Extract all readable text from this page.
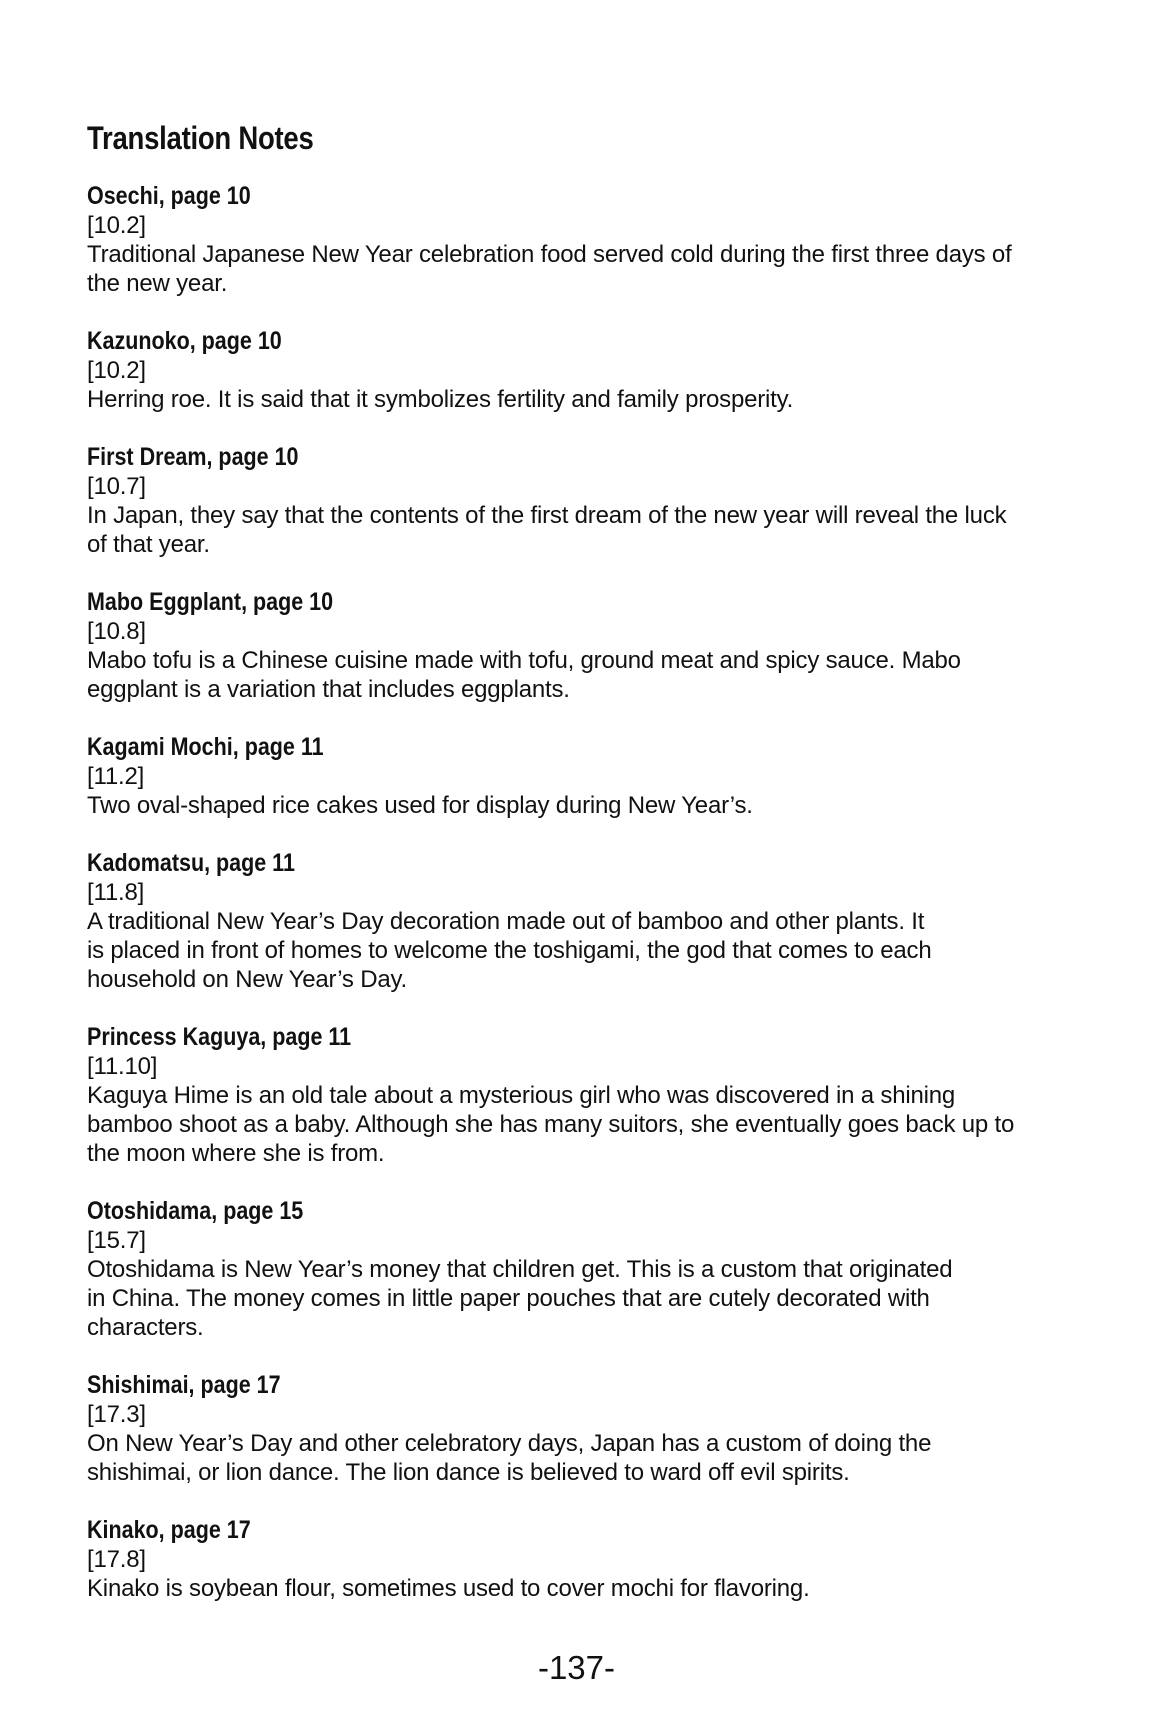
Translation Notes
Osechi, page 10
[10.2]
Traditional Japanese New Year celebration food served cold during the first three days of
the new year.
Kazunoko, page 10
[10.2]
Herring roe. It is said that it symbolizes fertility and family prosperity.
First Dream, page 10
[10.7]
In Japan, they say that the contents of the first dream of the new year will reveal the luck
of that year.
Mabo Eggplant, page 10
[10.8]
Mabo tofu is a Chinese cuisine made with tofu, ground meat and spicy sauce. Mabo
eggplant is a variation that includes eggplants.
Kagami Mochi, page 11
[11.2]
Two oval-shaped rice cakes used for display during New Year’s.
Kadomatsu, page 11
[11.8]
A traditional New Year’s Day decoration made out of bamboo and other plants. It
is placed in front of homes to welcome the toshigami, the god that comes to each
household on New Year’s Day.
Princess Kaguya, page 11
[11.10]
Kaguya Hime is an old tale about a mysterious girl who was discovered in a shining
bamboo shoot as a baby. Although she has many suitors, she eventually goes back up to
the moon where she is from.
Otoshidama, page 15
[15.7]
Otoshidama is New Year’s money that children get. This is a custom that originated
in China. The money comes in little paper pouches that are cutely decorated with
characters.
Shishimai, page 17
[17.3]
On New Year’s Day and other celebratory days, Japan has a custom of doing the
shishimai, or lion dance. The lion dance is believed to ward off evil spirits.
Kinako, page 17
[17.8]
Kinako is soybean flour, sometimes used to cover mochi for flavoring.
-137-
